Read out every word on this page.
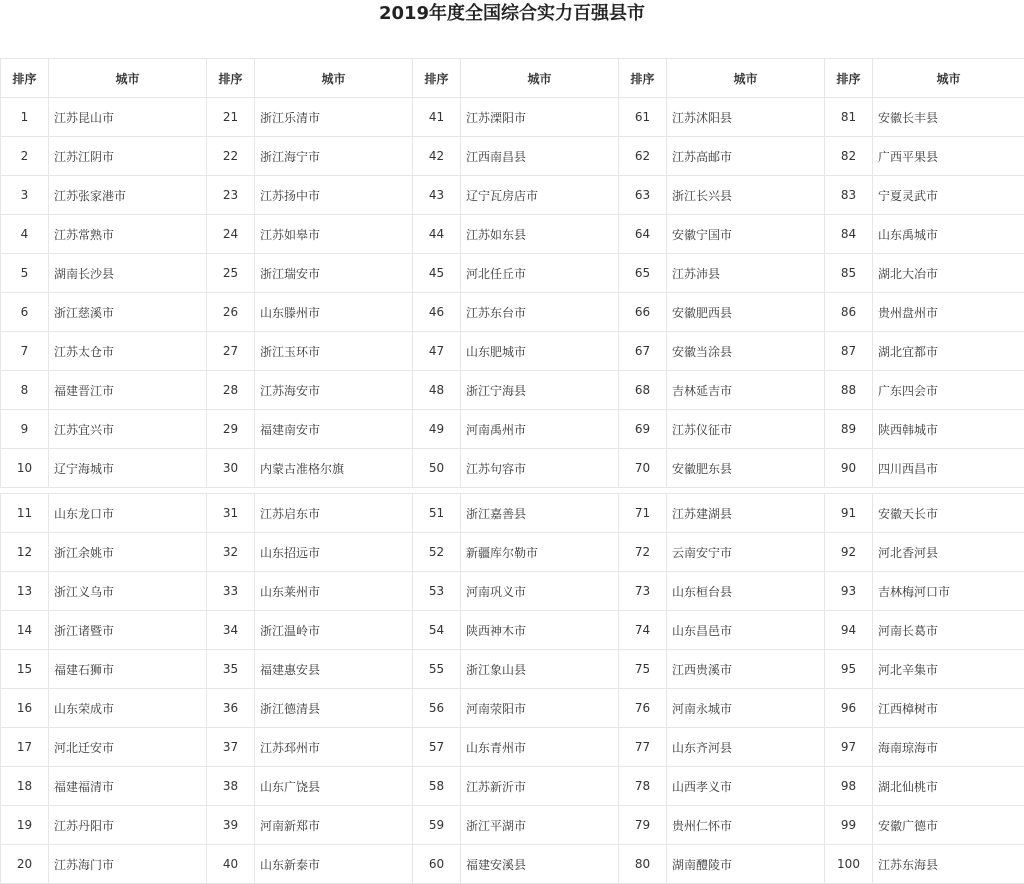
2019年度全国综合实力百强县市
排序	城市	排序	城市	排序	城市	排序	城市	排序	城市
1	江苏昆山市	21	浙江乐清市	41	江苏溧阳市	61	江苏沭阳县	81	安徽长丰县
2	江苏江阴市	22	浙江海宁市	42	江西南昌县	62	江苏高邮市	82	广西平果县
3	江苏张家港市	23	江苏扬中市	43	辽宁瓦房店市	63	浙江长兴县	83	宁夏灵武市
4	江苏常熟市	24	江苏如皋市	44	江苏如东县	64	安徽宁国市	84	山东禹城市
5	湖南长沙县	25	浙江瑞安市	45	河北任丘市	65	江苏沛县	85	湖北大冶市
6	浙江慈溪市	26	山东滕州市	46	江苏东台市	66	安徽肥西县	86	贵州盘州市
7	江苏太仓市	27	浙江玉环市	47	山东肥城市	67	安徽当涂县	87	湖北宜都市
8	福建晋江市	28	江苏海安市	48	浙江宁海县	68	吉林延吉市	88	广东四会市
9	江苏宜兴市	29	福建南安市	49	河南禹州市	69	江苏仪征市	89	陕西韩城市
10	辽宁海城市	30	内蒙古准格尔旗	50	江苏句容市	70	安徽肥东县	90	四川西昌市

11	山东龙口市	31	江苏启东市	51	浙江嘉善县	71	江苏建湖县	91	安徽天长市
12	浙江余姚市	32	山东招远市	52	新疆库尔勒市	72	云南安宁市	92	河北香河县
13	浙江义乌市	33	山东莱州市	53	河南巩义市	73	山东桓台县	93	吉林梅河口市
14	浙江诸暨市	34	浙江温岭市	54	陕西神木市	74	山东昌邑市	94	河南长葛市
15	福建石狮市	35	福建惠安县	55	浙江象山县	75	江西贵溪市	95	河北辛集市
16	山东荣成市	36	浙江德清县	56	河南荥阳市	76	河南永城市	96	江西樟树市
17	河北迁安市	37	江苏邳州市	57	山东青州市	77	山东齐河县	97	海南琼海市
18	福建福清市	38	山东广饶县	58	江苏新沂市	78	山西孝义市	98	湖北仙桃市
19	江苏丹阳市	39	河南新郑市	59	浙江平湖市	79	贵州仁怀市	99	安徽广德市
20	江苏海门市	40	山东新泰市	60	福建安溪县	80	湖南醴陵市	100	江苏东海县
